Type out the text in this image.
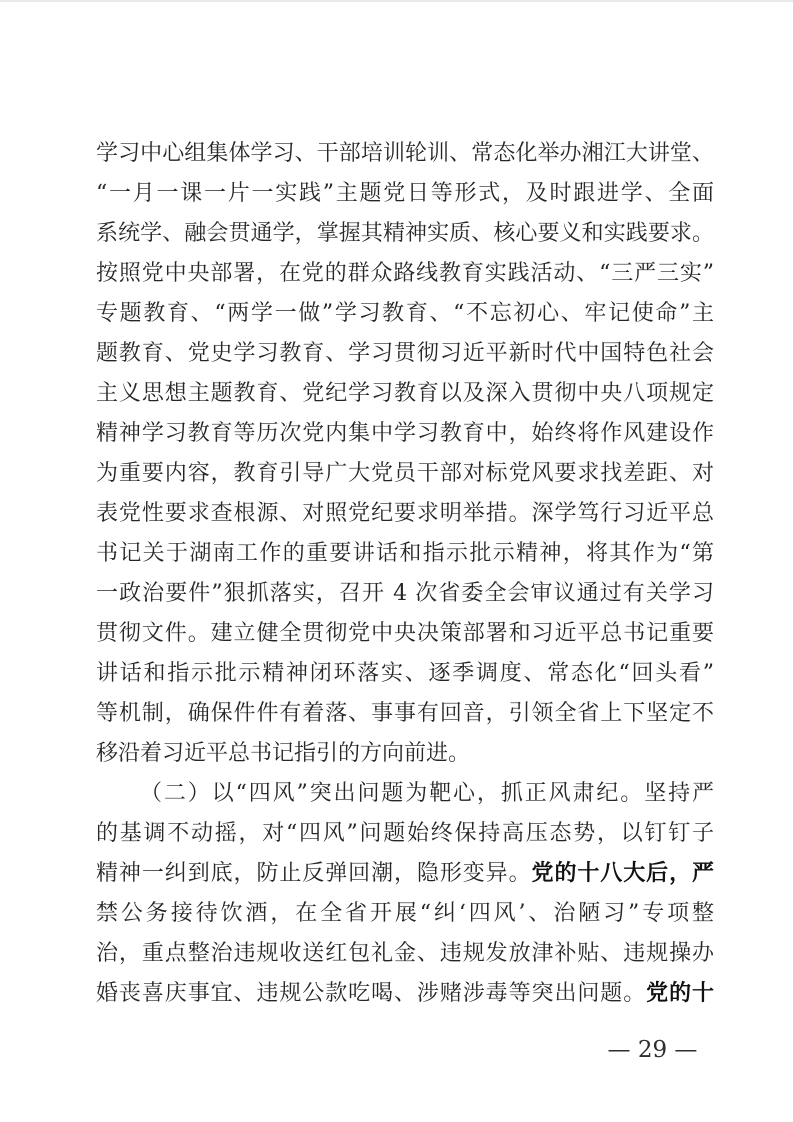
学习中心组集体学习、干部培训轮训、常态化举办湘江大讲堂、
“一月一课一片一实践”主题党日等形式，及时跟进学、全面
系统学、融会贯通学，掌握其精神实质、核心要义和实践要求。
按照党中央部署，在党的群众路线教育实践活动、“三严三实”
专题教育、“两学一做”学习教育、“不忘初心、牢记使命”主
题教育、党史学习教育、学习贯彻习近平新时代中国特色社会
主义思想主题教育、党纪学习教育以及深入贯彻中央八项规定
精神学习教育等历次党内集中学习教育中，始终将作风建设作
为重要内容，教育引导广大党员干部对标党风要求找差距、对
表党性要求查根源、对照党纪要求明举措。深学笃行习近平总
书记关于湖南工作的重要讲话和指示批示精神，将其作为“第
一政治要件”狠抓落实，召开 4 次省委全会审议通过有关学习
贯彻文件。建立健全贯彻党中央决策部署和习近平总书记重要
讲话和指示批示精神闭环落实、逐季调度、常态化“回头看”
等机制，确保件件有着落、事事有回音，引领全省上下坚定不
移沿着习近平总书记指引的方向前进。
（二）以“四风”突出问题为靶心，抓正风肃纪。坚持严
的基调不动摇，对“四风”问题始终保持高压态势，以钉钉子
精神一纠到底，防止反弹回潮，隐形变异。党的十八大后，严
禁公务接待饮酒，在全省开展“纠‘四风’、治陋习”专项整
治，重点整治违规收送红包礼金、违规发放津补贴、违规操办
婚丧喜庆事宜、违规公款吃喝、涉赌涉毒等突出问题。党的十
— 29 —
